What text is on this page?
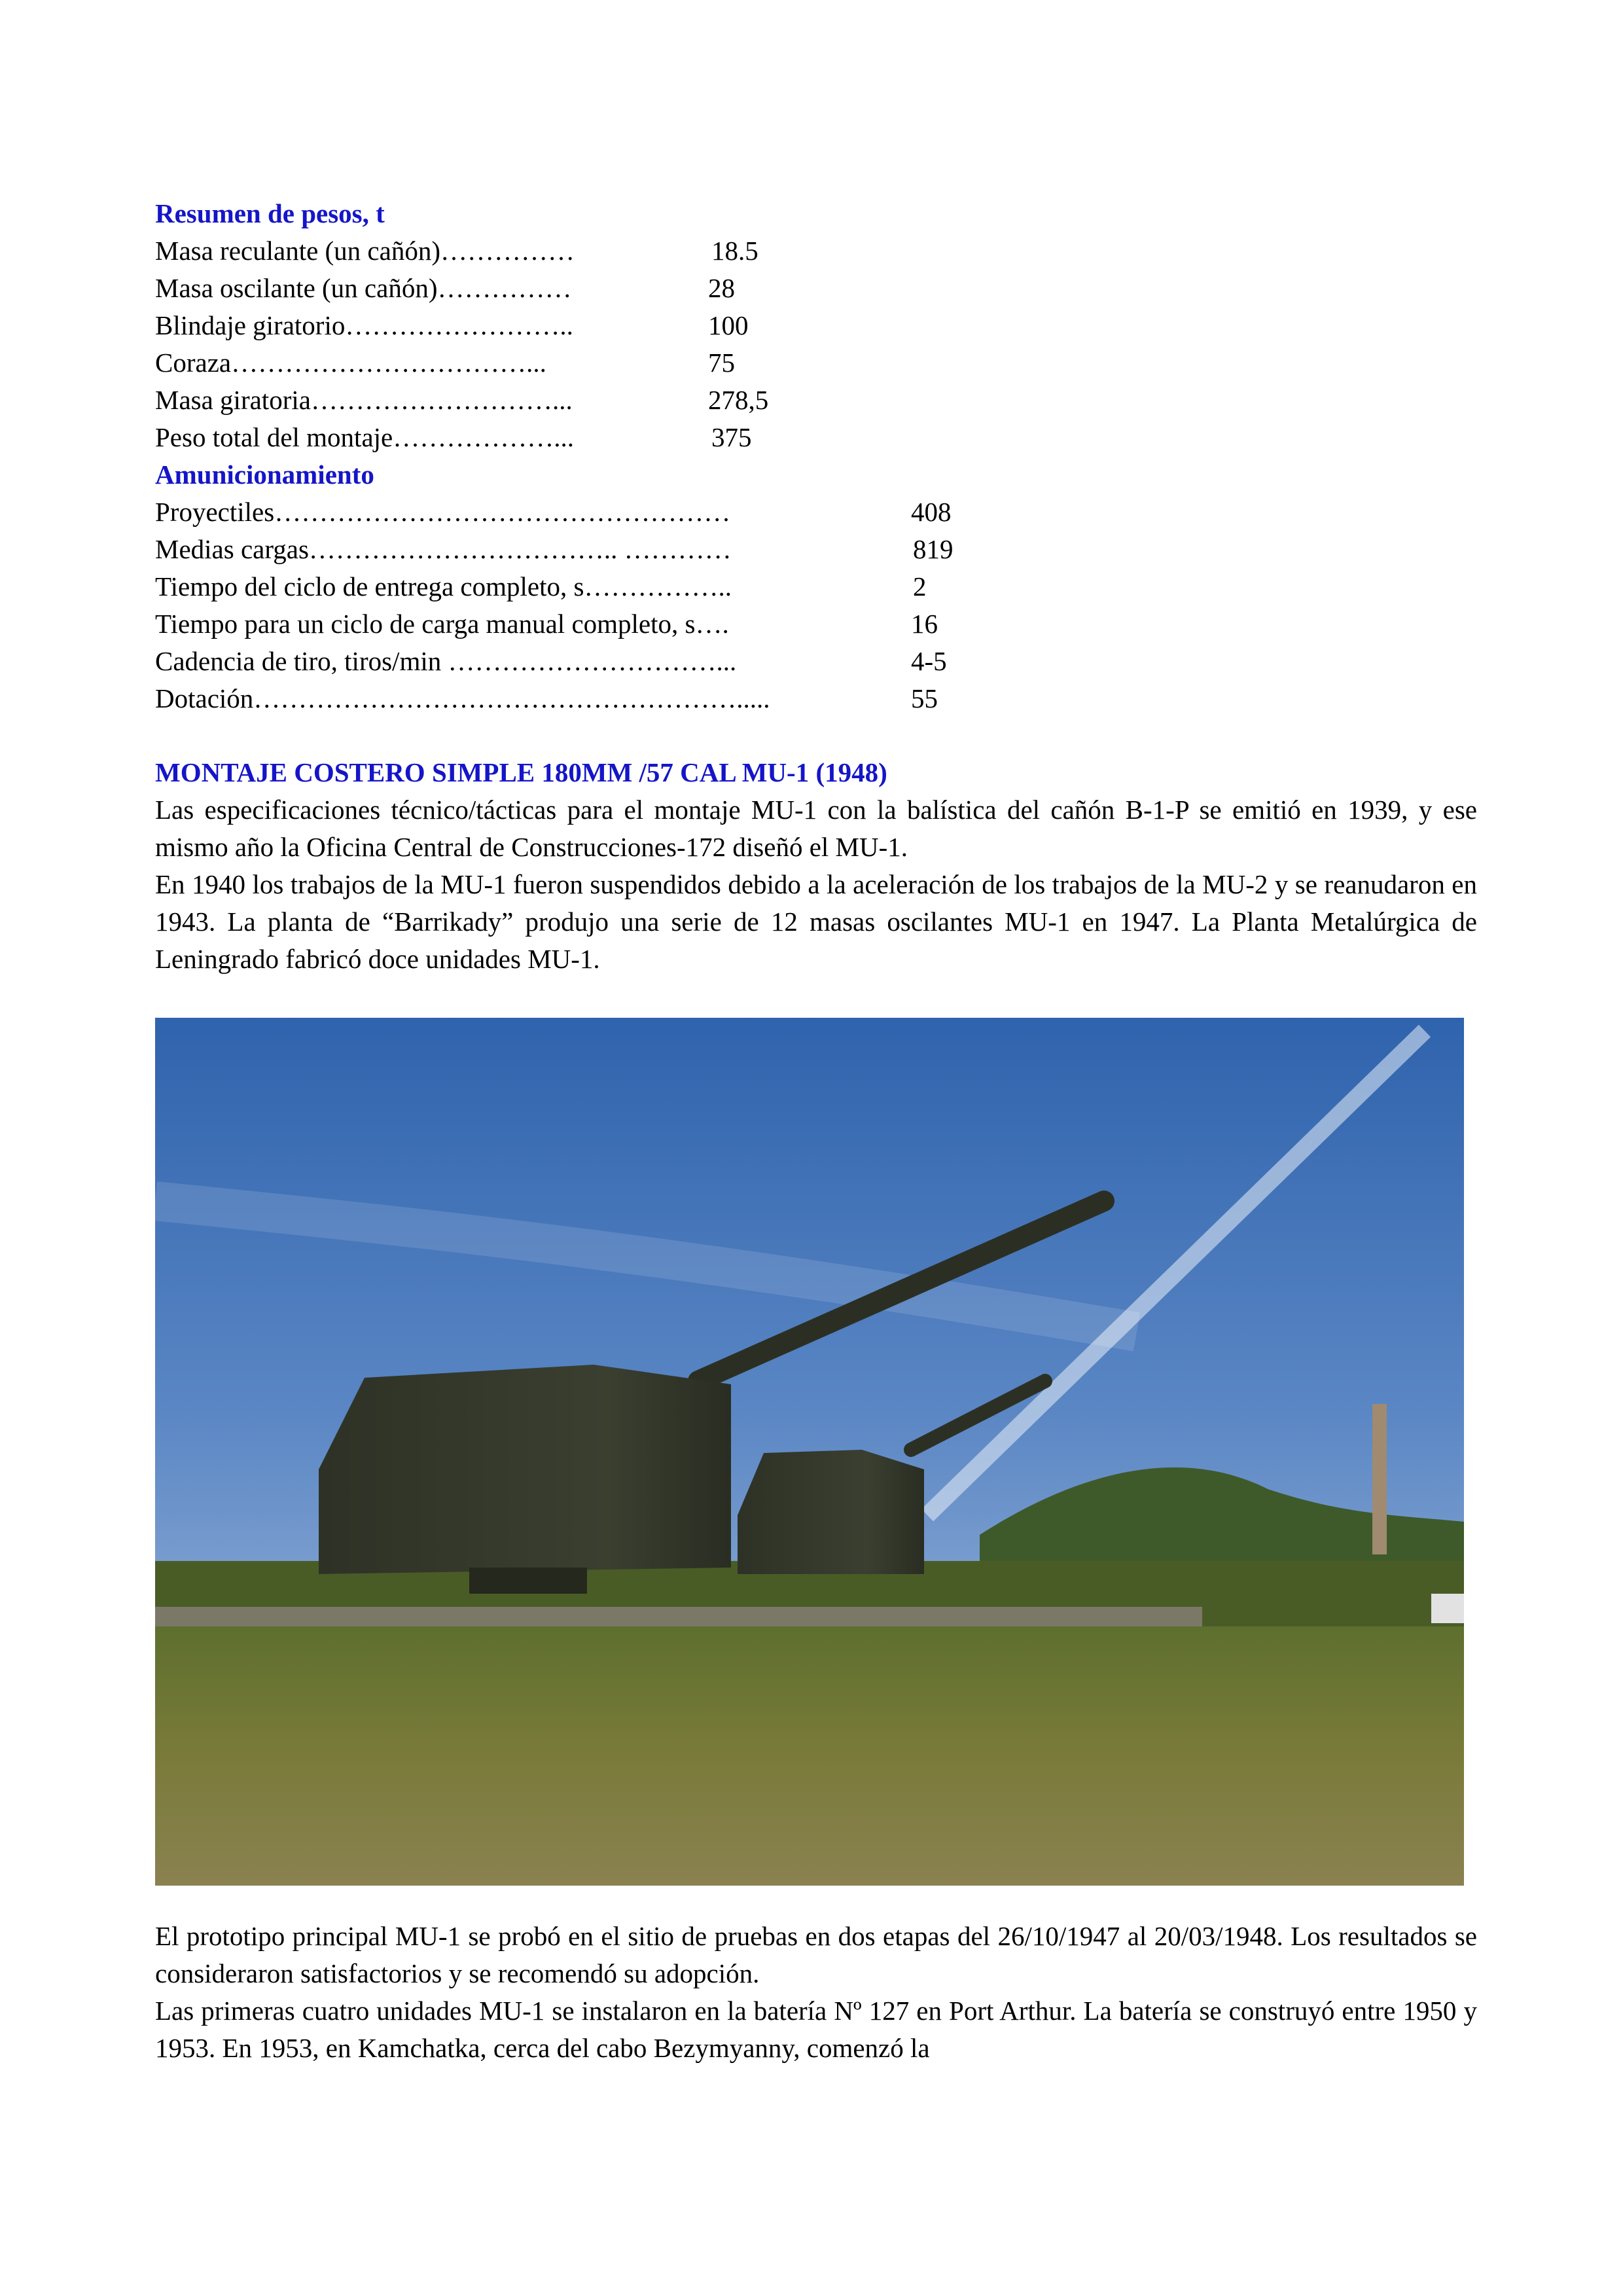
Resumen de pesos, t

Masa reculante (un cañón)……………	18.5
Masa oscilante (un cañón)……………	28
Blindaje giratorio……………………..	100
Coraza……………………………...	75
Masa giratoria………………………...	278,5
Peso total del montaje………………...	375

Amunicionamiento

Proyectiles……………………………………………	408
Medias cargas…………………………….. …………	819
Tiempo del ciclo de entrega completo, s……………..	2
Tiempo para un ciclo de carga manual completo, s….	16
Cadencia de tiro, tiros/min …………………………...	4-5
Dotación……………………………………………….....	55

MONTAJE COSTERO SIMPLE 180MM /57 CAL MU-1 (1948)

Las especificaciones técnico/tácticas para el montaje MU-1 con la balística del cañón B-1-P se emitió en 1939, y ese mismo año la Oficina Central de Construcciones-172 diseñó el MU-1.

En 1940 los trabajos de la MU-1 fueron suspendidos debido a la aceleración de los trabajos de la MU-2 y se reanudaron en 1943. La planta de “Barrikady” produjo una serie de 12 masas oscilantes MU-1 en 1947. La Planta Metalúrgica de Leningrado fabricó doce unidades MU-1.

El prototipo principal MU-1 se probó en el sitio de pruebas en dos etapas del 26/10/1947 al 20/03/1948. Los resultados se consideraron satisfactorios y se recomendó su adopción.

Las primeras cuatro unidades MU-1 se instalaron en la batería Nº 127 en Port Arthur. La batería se construyó entre 1950 y 1953. En 1953, en Kamchatka, cerca del cabo Bezymyanny, comenzó la
